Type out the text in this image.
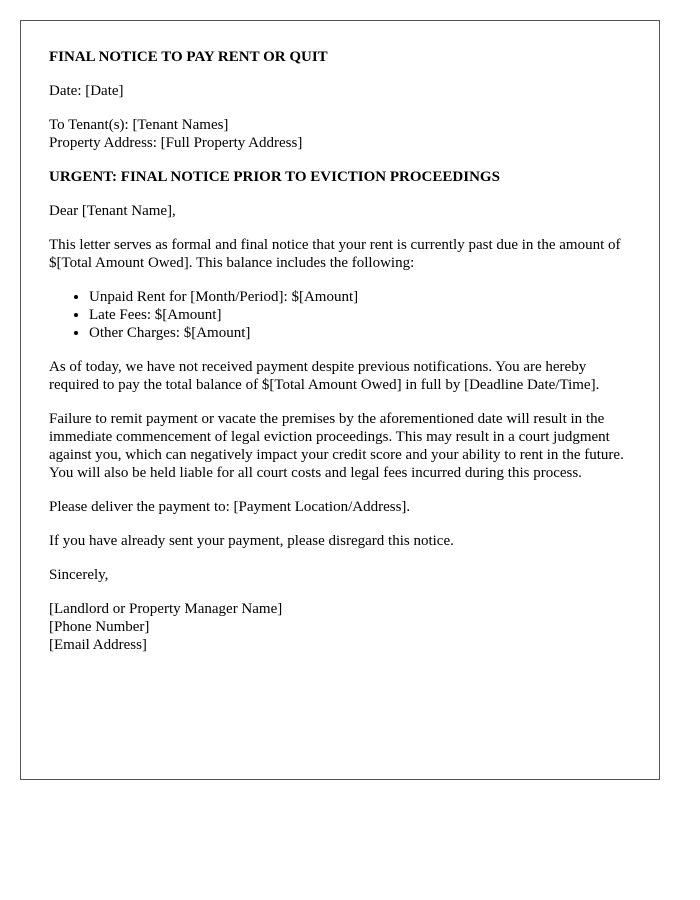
FINAL NOTICE TO PAY RENT OR QUIT

Date: [Date]

To Tenant(s): [Tenant Names]
Property Address: [Full Property Address]

URGENT: FINAL NOTICE PRIOR TO EVICTION PROCEEDINGS

Dear [Tenant Name],

This letter serves as formal and final notice that your rent is currently past due in the amount of $[Total Amount Owed]. This balance includes the following:

• Unpaid Rent for [Month/Period]: $[Amount]
• Late Fees: $[Amount]
• Other Charges: $[Amount]

As of today, we have not received payment despite previous notifications. You are hereby required to pay the total balance of $[Total Amount Owed] in full by [Deadline Date/Time].

Failure to remit payment or vacate the premises by the aforementioned date will result in the immediate commencement of legal eviction proceedings. This may result in a court judgment against you, which can negatively impact your credit score and your ability to rent in the future. You will also be held liable for all court costs and legal fees incurred during this process.

Please deliver the payment to: [Payment Location/Address].

If you have already sent your payment, please disregard this notice.

Sincerely,

[Landlord or Property Manager Name]
[Phone Number]
[Email Address]
